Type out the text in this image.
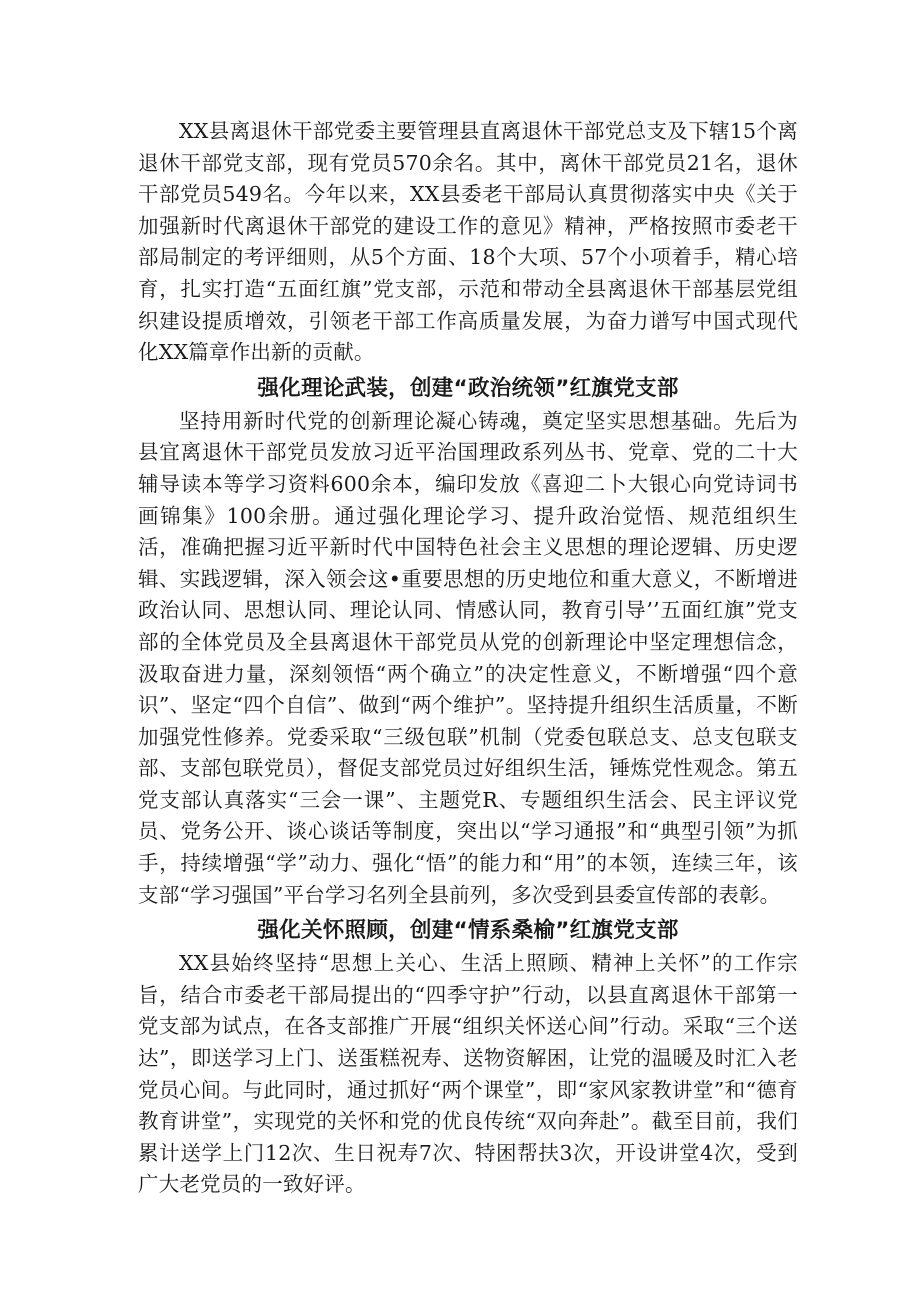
XX县离退休干部党委主要管理县直离退休干部党总支及下辖15个离退休干部党支部，现有党员570余名。其中，离休干部党员21名，退休干部党员549名。今年以来，XX县委老干部局认真贯彻落实中央《关于加强新时代离退休干部党的建设工作的意见》精神，严格按照市委老干部局制定的考评细则，从5个方面、18个大项、57个小项着手，精心培育，扎实打造“五面红旗”党支部，示范和带动全县离退休干部基层党组织建设提质增效，引领老干部工作高质量发展，为奋力谱写中国式现代化XX篇章作出新的贡献。

强化理论武装，创建“政治统领”红旗党支部

坚持用新时代党的创新理论凝心铸魂，奠定坚实思想基础。先后为县宜离退休干部党员发放习近平治国理政系列丛书、党章、党的二十大辅导读本等学习资料600余本，编印发放《喜迎二卜大银心向党诗词书画锦集》100余册。通过强化理论学习、提升政治觉悟、规范组织生活，准确把握习近平新时代中国特色社会主义思想的理论逻辑、历史逻辑、实践逻辑，深入领会这•重要思想的历史地位和重大意义，不断增进政治认同、思想认同、理论认同、情感认同，教育引导’’五面红旗”党支部的全体党员及全县离退休干部党员从党的创新理论中坚定理想信念，汲取奋进力量，深刻领悟“两个确立”的决定性意义，不断增强“四个意识”、坚定“四个自信”、做到“两个维护”。坚持提升组织生活质量，不断加强党性修养。党委采取“三级包联”机制（党委包联总支、总支包联支部、支部包联党员），督促支部党员过好组织生活，锤炼党性观念。第五党支部认真落实“三会一课”、主题党R、专题组织生活会、民主评议党员、党务公开、谈心谈话等制度，突出以“学习通报”和“典型引领”为抓手，持续增强“学”动力、强化“悟”的能力和“用”的本领，连续三年，该支部“学习强国”平台学习名列全县前列，多次受到县委宣传部的表彰。

强化关怀照顾，创建“情系桑榆”红旗党支部

XX县始终坚持“思想上关心、生活上照顾、精神上关怀”的工作宗旨，结合市委老干部局提出的“四季守护”行动，以县直离退休干部第一党支部为试点，在各支部推广开展“组织关怀送心间”行动。采取“三个送达”，即送学习上门、送蛋糕祝寿、送物资解困，让党的温暖及时汇入老党员心间。与此同时，通过抓好“两个课堂”，即“家风家教讲堂”和“德育教育讲堂”，实现党的关怀和党的优良传统“双向奔赴”。截至目前，我们累计送学上门12次、生日祝寿7次、特困帮扶3次，开设讲堂4次，受到广大老党员的一致好评。
